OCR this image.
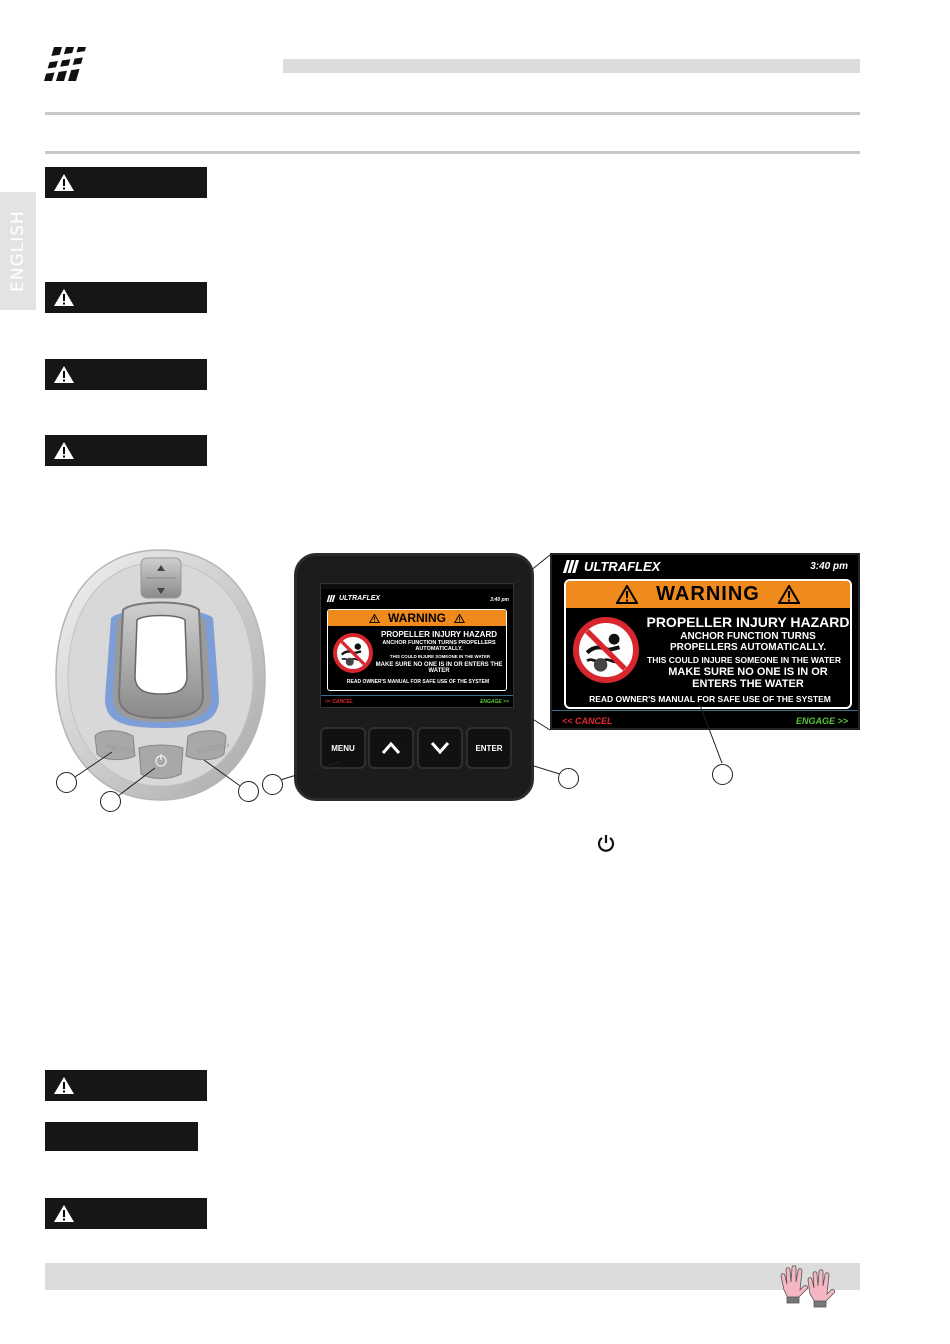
ENGLISH
ANCHOR	HEADING
ULTRAFLEX	3:40 pm
WARNING
PROPELLER INJURY HAZARD
ANCHOR FUNCTION TURNS PROPELLERS AUTOMATICALLY.
THIS COULD INJURE SOMEONE IN THE WATER
MAKE SURE NO ONE IS IN OR ENTERS THE WATER
READ OWNER'S MANUAL FOR SAFE USE OF THE SYSTEM
<< CANCEL	ENGAGE >>
MENU	ENTER
ULTRAFLEX	3:40 pm
WARNING
PROPELLER INJURY HAZARD
ANCHOR FUNCTION TURNS PROPELLERS AUTOMATICALLY.
THIS COULD INJURE SOMEONE IN THE WATER
MAKE SURE NO ONE IS IN OR ENTERS THE WATER
READ OWNER'S MANUAL FOR SAFE USE OF THE SYSTEM
<< CANCEL	ENGAGE >>
